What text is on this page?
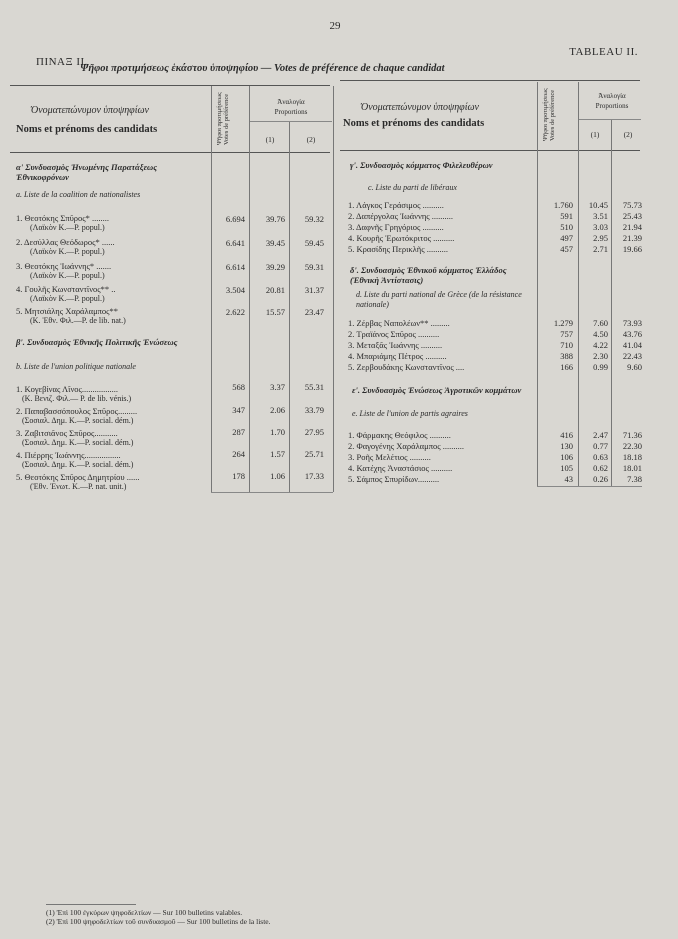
29
ΠΙΝΑΞ ΙΙ.
TABLEAU II.
Ψῆφοι προτιμήσεως ἑκάστου ὑποψηφίου — Votes de préférence de chaque candidat
Ὀνοματεπώνυμον ὑποψηφίων
Noms et prénoms des candidats	Ψῆφοι προτιμήσεως Votes de préférence	Ἀναλογία
Proportions
(1)	(2)
Ὀνοματεπώνυμον ὑποψηφίων
Noms et prénoms des candidats	Ψῆφοι προτιμήσεως Votes de préférence	Ἀναλογία
Proportions
(1)	(2)
α' Συνδυασμὸς Ἠνωμένης Παρατάξεως Ἐθνικοφρόνων
a. Liste de la coalition de nationalistes
1. Θεοτόκης Σπῦρος* ........
(Λαϊκὸν Κ.—P. popul.)
6.694	39.76	59.32
2. Δεσύλλας Θεόδωρος* ......
(Λαϊκὸν Κ.—P. popul.)
6.641	39.45	59.45
3. Θεοτόκης Ἰωάννης* .......
(Λαϊκὸν Κ.—P. popul.)
6.614	39.29	59.31
4. Γουλῆς Κωνσταντῖνος** ..
(Λαϊκὸν Κ.—P. popul.)
3.504	20.81	31.37
5. Μητσιάλης Χαράλαμπος**
(Κ. Ἐθν. Φιλ.—P. de lib. nat.)
2.622	15.57	23.47
β'. Συνδυασμὸς Ἐθνικῆς Πολιτικῆς Ἑνώσεως
b. Liste de l'union politique nationale
1. Κογεβίνας Λῖνος.................
(Κ. Βενιζ. Φιλ.— P. de lib. vénis.)
568	3.37	55.31
2. Παπαβασσόπουλος Σπῦρος.........
(Σοσιαλ. Δημ. Κ.—P. social. dém.)
347	2.06	33.79
3. Ζαβιτσιᾶνος Σπῦρος...........
(Σοσιαλ. Δημ. Κ.—P. social. dém.)
287	1.70	27.95
4. Πιέρρης Ἰωάννης.................
(Σοσιαλ. Δημ. Κ.—P. social. dém.)
264	1.57	25.71
5. Θεοτόκης Σπῦρος Δημητρίου ......
(Ἐθν. Ἑνωτ. Κ.—P. nat. unit.)
178	1.06	17.33
γ'. Συνδυασμὸς κόμματος Φιλελευθέρων
c. Liste du parti de libéraux
1. Λάγκος Γεράσιμος ..........	1.760	10.45	75.73
2. Δαπέργολας Ἰωάννης ..........	591	3.51	25.43
3. Δαφνῆς Γρηγόριος ..........	510	3.03	21.94
4. Κουρῆς Ἐρωτόκριτος ..........	497	2.95	21.39
5. Κρασίδης Περικλῆς ..........	457	2.71	19.66
δ'. Συνδυασμὸς Ἐθνικοῦ κόμματος Ἑλλάδος (Ἐθνικὴ Ἀντίστασις)
d. Liste du parti national de Grèce (de la résistance nationale)
1. Ζέρβας Ναπολέων** .........	1.279	7.60	73.93
2. Τραϊάνος Σπῦρος ..........	757	4.50	43.76
3. Μεταξᾶς Ἰωάννης ..........	710	4.22	41.04
4. Μπαριάμης Πέτρος ..........	388	2.30	22.43
5. Ζερβουδάκης Κωνσταντῖνος ....	166	0.99	9.60
ε'. Συνδυασμὸς Ἑνώσεως Ἀγροτικῶν κομμάτων
e. Liste de l'union de partis agraires
1. Φάρμακης Θεόφιλος ..........	416	2.47	71.36
2. Φαγογένης Χαράλαμπος ..........	130	0.77	22.30
3. Ροῆς Μελέτιος ..........	106	0.63	18.18
4. Κατέχης Ἀναστάσιος ..........	105	0.62	18.01
5. Σάμπος Σπυρίδων..........	43	0.26	7.38
(1) Ἐπὶ 100 ἐγκύρων ψηφοδελτίων — Sur 100 bulletins valables.
(2) Ἐπὶ 100 ψηφοδελτίων τοῦ συνδυασμοῦ — Sur 100 bulletins de la liste.
